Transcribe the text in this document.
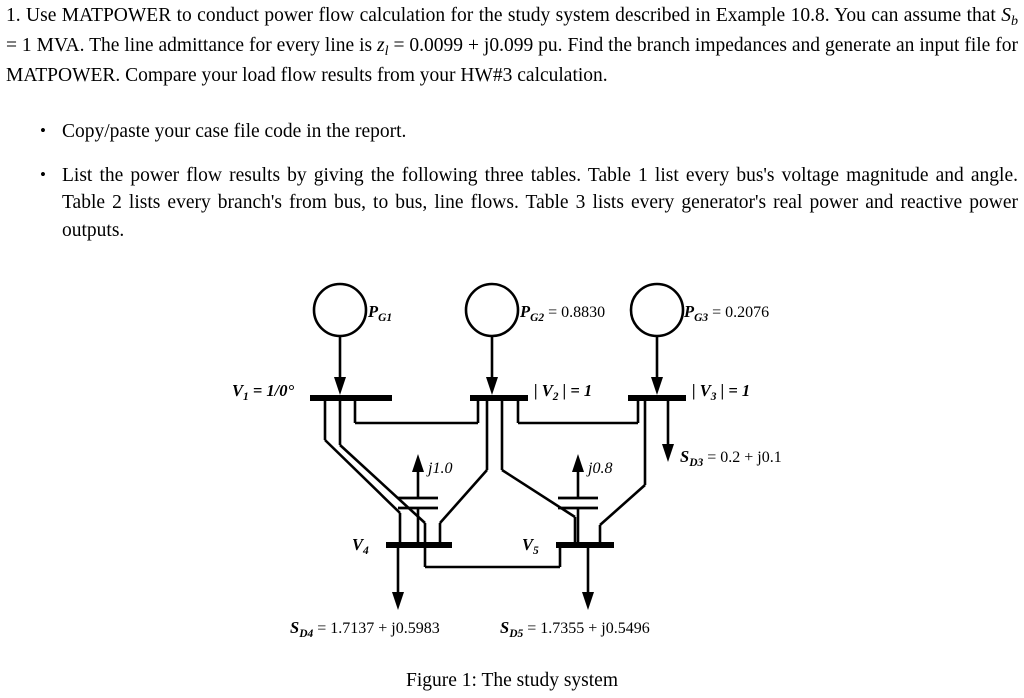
1. Use MATPOWER to conduct power flow calculation for the study system described in Example 10.8. You can assume that $S_b = 1$ MVA. The line admittance for every line is $z_l = 0.0099 + j0.099$ pu. Find the branch impedances and generate an input file for MATPOWER. Compare your load flow results from your HW#3 calculation.
• Copy/paste your case file code in the report.
• List the power flow results by giving the following three tables. Table 1 list every bus's voltage magnitude and angle. Table 2 lists every branch's from bus, to bus, line flows. Table 3 lists every generator's real power and reactive power outputs.
$P_{G1}$	$P_{G2} = 0.8830$	$P_{G3} = 0.2076$
$V_1 = 1/0^\circ$	| $V_2$ | = 1	| $V_3$ | = 1
$V_4$	$V_5$
j1.0	j0.8
$S_{D3} = 0.2 + j0.1$
$S_{D4} = 1.7137 + j0.5983$	$S_{D5} = 1.7355 + j0.5496$
Figure 1: The study system
